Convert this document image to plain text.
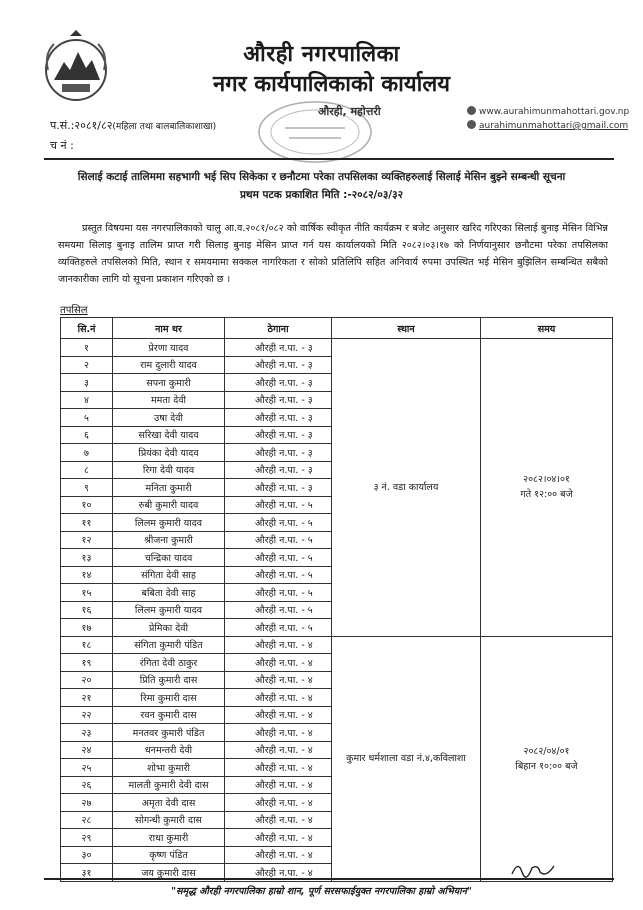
औरही नगरपालिका
नगर कार्यपालिकाको कार्यालय
औरही, महोत्तरी	www.aurahimunmahottari.gov.np
aurahimunmahottari@gmail.com
प.सं.:२०८१/८२(महिला तथा बालबालिकाशाखा)
च नं :
सिलाई कटाई तालिममा सहभागी भई सिप सिकेका र छनौटमा परेका तपसिलका व्यक्तिहरुलाई सिलाई मेसिन बुझ्ने सम्बन्धी सूचना
प्रथम पटक प्रकाशित मिति :-२०८२/०३/३२
प्रस्तुत विषयमा यस नगरपालिकाको चालु आ.व.२०८१/०८२ को वार्षिक स्वीकृत नीति कार्यक्रम र बजेट अनुसार खरिद गरिएका सिलाई बुनाइ मेसिन विभिन्न समयमा सिलाइ बुनाइ तालिम प्राप्त गरी सिलाइ बुनाइ मेसिन प्राप्त गर्न यस कार्यालयको मिति २०८२।०३।१७ को निर्णयानुसार छनौटमा परेका तपसिलका व्यक्तिहरुले तपसिलको मिति, स्थान र समयमामा सक्कल नागरिकता र सोको प्रतिलिपि सहित अनिवार्य रुपमा उपस्थित भई मेसिन बुझिलिन सम्बन्धित सबैको जानकारीका लागि यो सूचना प्रकाशन गरिएको छ ।
तपसिल
सि.नं	नाम थर	ठेगाना	स्थान	समय
१	प्रेरणा यादव	औरही न.पा. - ३	३ नं. वडा कार्यालय	२०८२।०४।०१
गते १२:०० बजे

२	राम दुलारी यादव	औरही न.पा. - ३		
३	सपना कुमारी	औरही न.पा. - ३		
४	ममता देवी	औरही न.पा. - ३		
५	उषा देवी	औरही न.पा. - ३		
६	सरिखा देवी यादव	औरही न.पा. - ३		
७	प्रियंका देवी यादव	औरही न.पा. - ३		
८	रिगा देवी यादव	औरही न.पा. - ३		
९	मनिता कुमारी	औरही न.पा. - ३		
१०	रुबी कुमारी यादव	औरही न.पा. - ५		
११	लिलम कुमारी यादव	औरही न.पा. - ५		
१२	श्रीजना कुमारी	औरही न.पा. - ५		
१३	चन्द्रिका यादव	औरही न.पा. - ५		
१४	संगिता देवी साह	औरही न.पा. - ५		
१५	बबिता देवी साह	औरही न.पा. - ५		
१६	लिलम कुमारी यादव	औरही न.पा. - ५		
१७	प्रेमिका देवी	औरही न.पा. - ५		
१८	संगिता कुमारी पंडित	औरही न.पा. - ४	कुमार धर्मशाला वडा नं.४,कविलाशा	२०८२/०४/०१
बिहान १०:०० बजे

१९	रंगिता देवी ठाकुर	औरही न.पा. - ४		
२०	प्रिति कुमारी दास	औरही न.पा. - ४		
२१	रिमा कुमारी दास	औरही न.पा. - ४		
२२	रवन कुमारी दास	औरही न.पा. - ४		
२३	मनतवर कुमारी पंडित	औरही न.पा. - ४		
२४	धनमन्तरी देवी	औरही न.पा. - ४		
२५	शोभा कुमारी	औरही न.पा. - ४		
२६	मालती कुमारी देवी दास	औरही न.पा. - ४		
२७	अमृता देवी दास	औरही न.पा. - ४		
२८	सोगन्धी कुमारी दास	औरही न.पा. - ४		
२९	राधा कुमारी	औरही न.पा. - ४		
३०	कृष्ण पंडित	औरही न.पा. - ४		
३१	जय कुमारी दास	औरही न.पा. - ४		
"समृद्ध औरही नगरपालिका हाम्रो शान, पूर्ण सरसफाईयुक्त नगरपालिका हाम्रो अभियान"
